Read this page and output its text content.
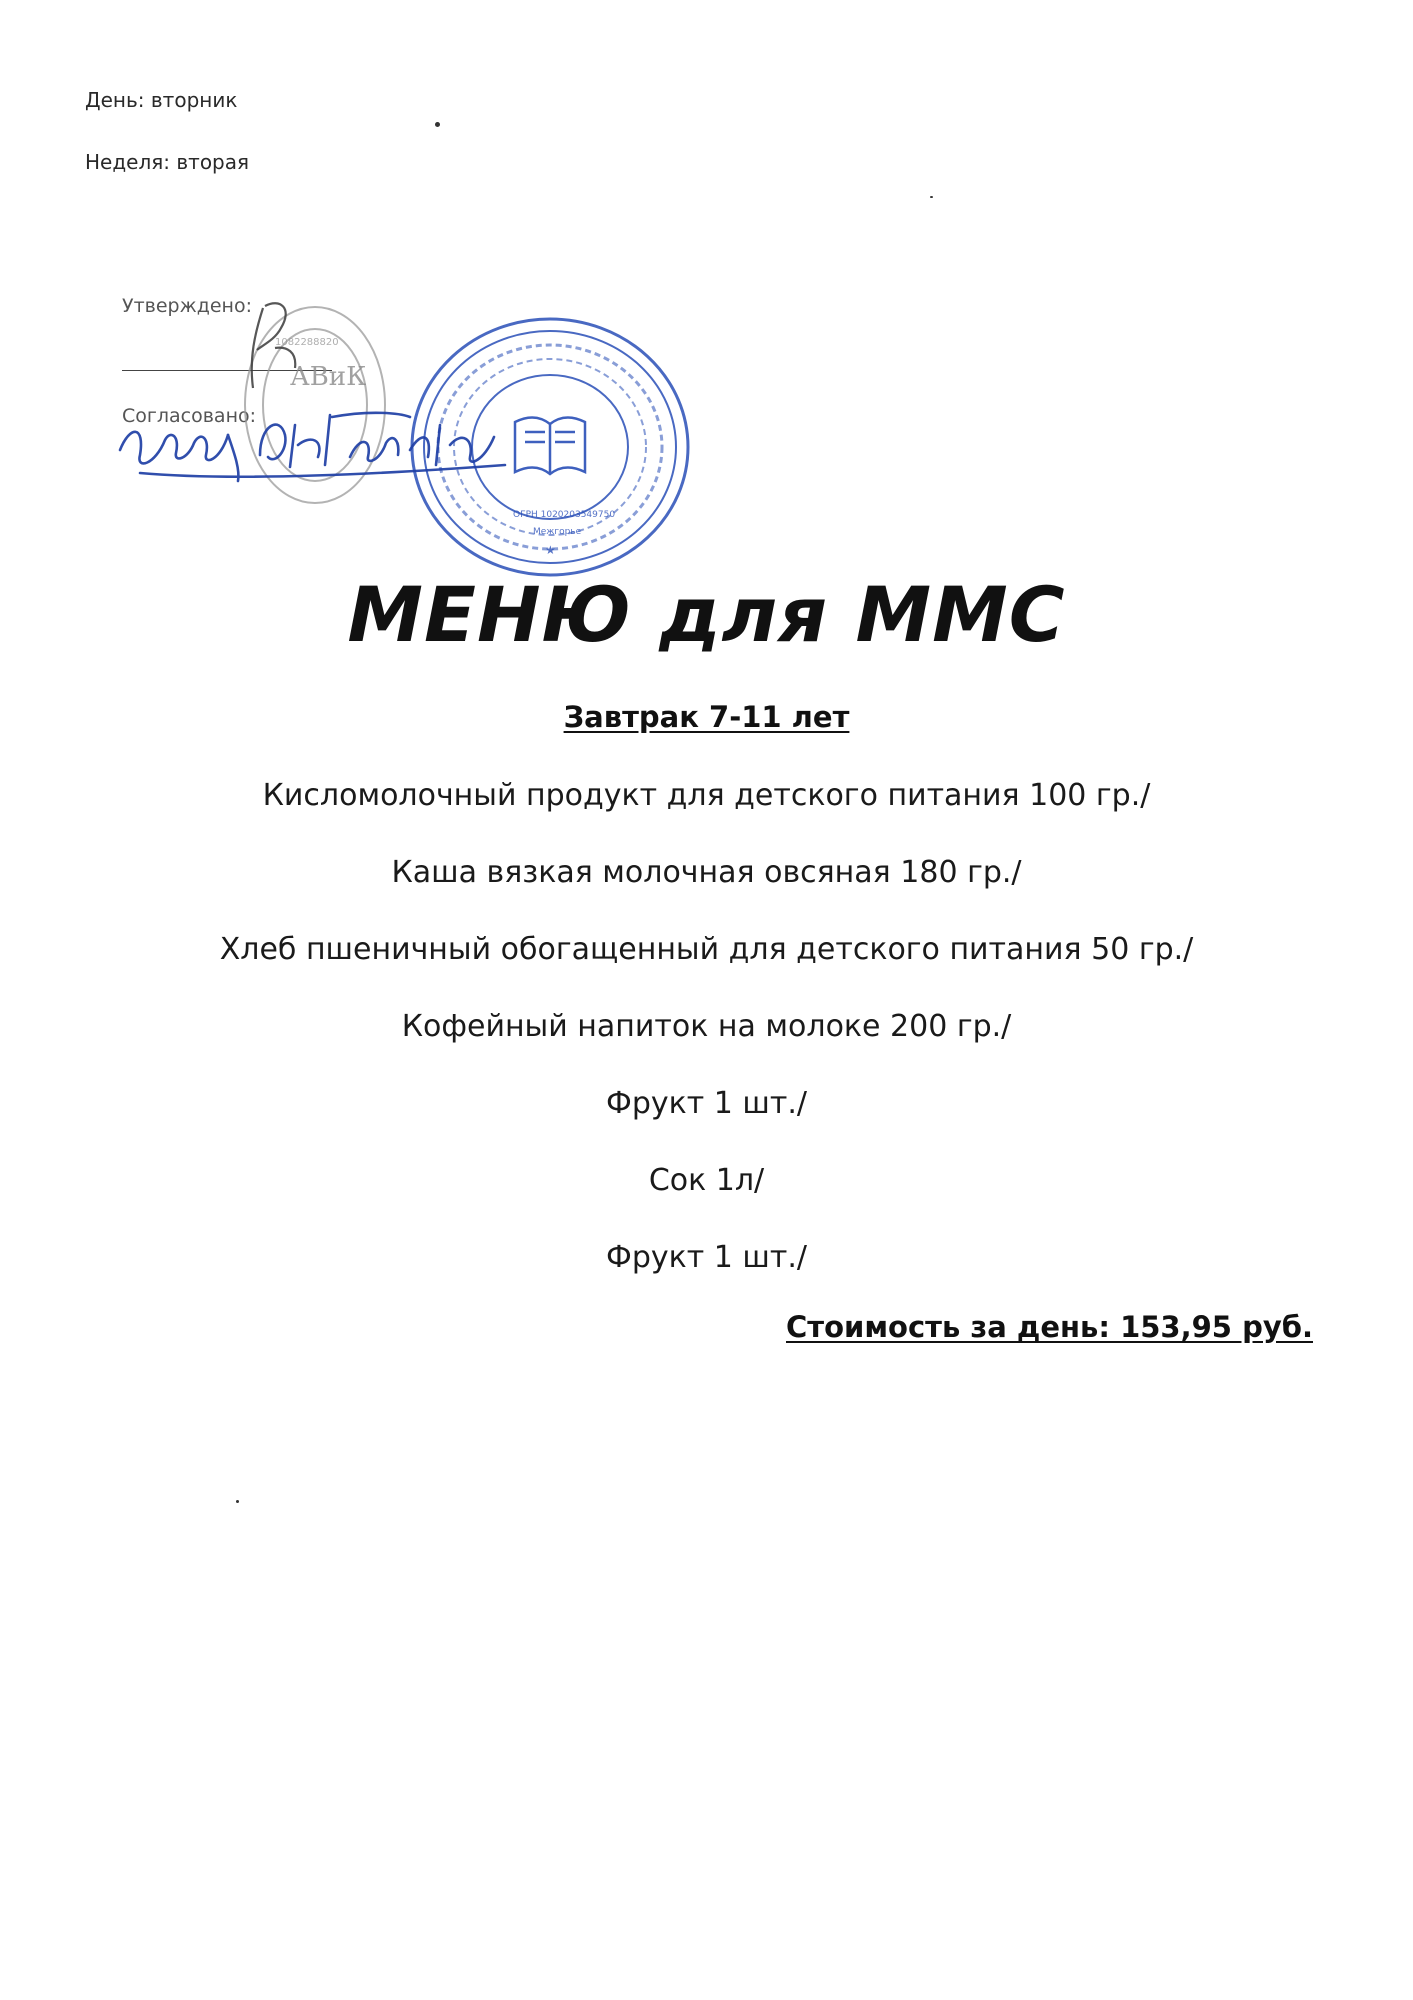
День: вторник
Неделя: вторая
Утверждено:
Согласовано:
АВиК
1082288820
ОГРН 1020203549750
Межгорье
★
МЕНЮ для ММС
Завтрак 7-11 лет
Кисломолочный продукт для детского питания 100 гр./
Каша вязкая молочная овсяная 180 гр./
Хлеб пшеничный обогащенный для детского питания 50 гр./
Кофейный напиток на молоке 200 гр./
Фрукт 1 шт./
Сок 1л/
Фрукт 1 шт./
Стоимость за день: 153,95 руб.
